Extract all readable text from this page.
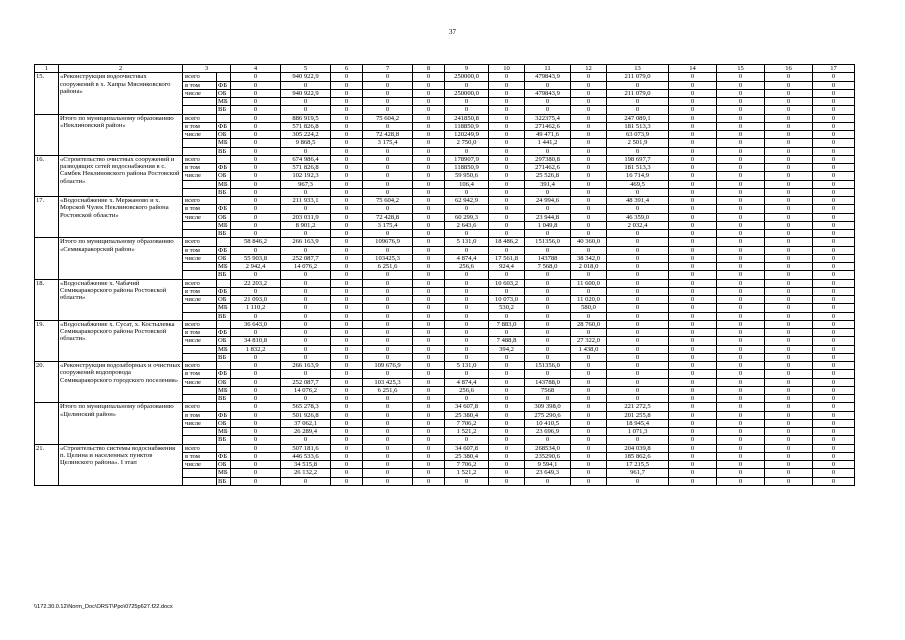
37
1	2	3		4	5	6	7	8	9	10	11	12	13	14	15	16	17
15.	«Реконструкция водоочистных сооружений в х. Хапры Мясниковского района»	всего		0	940 922,9	0	0	0	250000,0	0	479843,9	0	211 079,0	0	0	0	0
		в том	ФБ	0	0	0	0	0	0	0	0	0	0	0	0	0	0
		числе	ОБ	0	940 922,9	0	0	0	250000,0	0	479843,9	0	211 079,0	0	0	0	0
			МБ	0	0	0	0	0	0	0	0	0	0	0	0	0	0
			ВБ	0	0	0	0	0	0	0	0	0	0	0	0	0	0
	Итого по муниципальному образованию «Неклиновский район»	всего		0	886 919,5	0	75 604,2	0	241850,8	0	322375,4	0	247 089,1	0	0	0	0
		в том	ФБ	0	571 826,8	0	0	0	118850,9	0	271462,6	0	181 513,3	0	0	0	0
		числе	ОБ	0	305 224,2	0	72 428,8	0	120249,9	0	49 471,6	0	63 073,9	0	0	0	0
			МБ	0	9 868,5	0	3 175,4	0	2 750,0	0	1 441,2	0	2 501,9	0	0	0	0
			ВБ	0	0	0	0	0	0	0	0	0	0	0	0	0	0
16.	«Строительство очистных сооружений и разводящих сетей водоснабжения в с. Самбек Неклиновского района Ростовской области»	всего		0	674 986,4	0	0	0	178907,9	0	297380,8	0	198 697,7	0	0	0	0
		в том	ФБ	0	571 826,8	0	0	0	118850,9	0	271462,6	0	181 513,3	0	0	0	0
		числе	ОБ	0	102 192,3	0	0	0	59 950,6	0	25 526,8	0	16 714,9	0	0	0	0
			МБ	0	967,3	0	0	0	106,4	0	391,4	0	469,5	0	0	0	0
			ВБ	0	0	0	0	0	0	0	0	0	0	0	0	0	0
17.	«Водоснабжение х. Мержаново и х. Морской Чулек Неклиновского района Ростовской области»	всего		0	211 933,1	0	75 604,2	0	62 942,9	0	24 994,6	0	48 391,4	0	0	0	0
		в том	ФБ	0	0	0	0	0	0	0	0	0	0	0	0	0	0
		числе	ОБ	0	203 031,9	0	72 428,8	0	60 299,3	0	23 944,8	0	46 359,0	0	0	0	0
			МБ	0	8 901,2	0	3 175,4	0	2 643,6	0	1 049,8	0	2 032,4	0	0	0	0
			ВБ	0	0	0	0	0	0	0	0	0	0	0	0	0	0
	Итого по муниципальному образованию «Семикаракорский район»	всего		58 846,2	266 163,9	0	109676,9	0	5 131,0	18 486,2	151356,0	40 360,0	0	0	0	0	0
		в том	ФБ	0	0	0	0	0	0	0	0	0	0	0	0	0	0
		числе	ОБ	55 903,8	252 087,7	0	103425,3	0	4 874,4	17 561,8	143788	38 342,0	0	0	0	0	0
			МБ	2 942,4	14 076,2	0	6 251,6	0	256,6	924,4	7 568,0	2 018,0	0	0	0	0	0
			ВБ	0	0	0	0	0	0	0	0	0	0	0	0	0	0
18.	«Водоснабжение х. Чабачий Семикаракорского района Ростовской области»	всего		22 203,2	0	0	0	0	0	10 603,2	0	11 600,0	0	0	0	0	0
		в том	ФБ	0	0	0	0	0	0	0	0	0	0	0	0	0	0
		числе	ОБ	21 093,0	0	0	0	0	0	10 073,0	0	11 020,0	0	0	0	0	0
			МБ	1 110,2	0	0	0	0	0	530,2	0	580,0	0	0	0	0	0
			ВБ	0	0	0	0	0	0	0	0	0	0	0	0	0	0
19.	«Водоснабжение х. Сусат, х. Костылевка Семикаракорского района Ростовской области»	всего		36 643,0	0	0	0	0	0	7 883,0	0	28 760,0	0	0	0	0	0
		в том	ФБ	0	0	0	0	0	0	0	0	0	0	0	0	0	0
		числе	ОБ	34 810,8	0	0	0	0	0	7 488,8	0	27 322,0	0	0	0	0	0
			МБ	1 832,2	0	0	0	0	0	394,2	0	1 438,0	0	0	0	0	0
			ВБ	0	0	0	0	0	0	0	0	0	0	0	0	0	0
20.	«Реконструкция водозаборных и очистных сооружений водопровода Семикаракорского городского поселения»	всего		0	266 163,9	0	109 676,9	0	5 131,0	0	151356,0	0	0	0	0	0	0
		в том	ФБ	0	0	0	0	0	0	0	0	0	0	0	0	0	0
		числе	ОБ	0	252 087,7	0	103 425,3	0	4 874,4	0	143788,0	0	0	0	0	0	0
			МБ	0	14 076,2	0	6 251,6	0	256,6	0	7568	0	0	0	0	0	0
			ВБ	0	0	0	0	0	0	0	0	0	0	0	0	0	0
	Итого по муниципальному образованию «Целинский район»	всего		0	565 278,3	0	0	0	34 607,8	0	309 398,0	0	221 272,5	0	0	0	0
		в том	ФБ	0	501 926,8	0	0	0	25 380,4	0	275 290,6	0	201 255,8	0	0	0	0
		числе	ОБ	0	37 062,1	0	0	0	7 706,2	0	10 410,5	0	18 945,4	0	0	0	0
			МБ	0	26 289,4	0	0	0	1 521,2	0	23 696,9	0	1 071,3	0	0	0	0
			ВБ	0	0	0	0	0	0	0	0	0	0	0	0	0	0
21.	«Строительство системы водоснабжения п. Целина и населенных пунктов Целинского района». I этап	всего		0	507 181,6	0	0	0	34 607,8	0	268534,0	0	204 039,8	0	0	0	0
		в том	ФБ	0	446 533,6	0	0	0	25 380,4	0	235290,6	0	185 862,6	0	0	0	0
		числе	ОБ	0	34 515,8	0	0	0	7 706,2	0	9 594,1	0	17 215,5	0	0	0	0
			МБ	0	26 132,2	0	0	0	1 521,2	0	23 649,3	0	961,7	0	0	0	0
			ВБ	0	0	0	0	0	0	0	0	0	0	0	0	0	0
\\172.30.0.12\Norm_Doc\ORST\Ppo\0725p627.f22.docx
